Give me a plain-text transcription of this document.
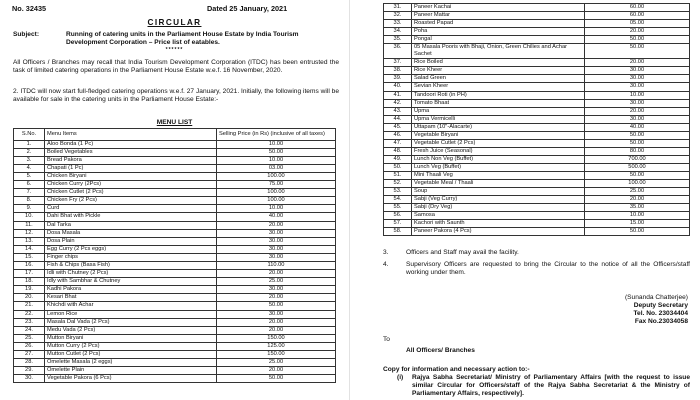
No. 32435	Dated 25 January, 2021
CIRCULAR
Subject:	Running of catering units in the Parliament House Estate by India Tourism Development Corporation – Price list of eatables.
******
All Officers / Branches may recall that India Tourism Development Corporation (ITDC) has been entrusted the task of limited catering operations in the Parliament House Estate w.e.f. 16 November, 2020.
2. ITDC will now start full-fledged catering operations w.e.f. 27 January, 2021. Initially, the following items will be available for sale in the catering units in the Parliament House Estate:-
MENU LIST
S.No.	Menu Items	Selling Price (in Rs) (inclusive of all taxes)
1.	Aloo Bonda (1 Pc)	10.00
2.	Boiled Vegetables	50.00
3.	Bread Pakora	10.00
4.	Chapati (1 Pc)	03.00
5.	Chicken Biryani	100.00
6.	Chicken Curry (2Pcs)	75.00
7.	Chicken Cutlet (2 Pcs)	100.00
8.	Chicken Fry (2 Pcs)	100.00
9.	Curd	10.00
10.	Dahi Bhat with Pickle	40.00
11.	Dal Tarka	20.00
12.	Dosa Masala	30.00
13.	Dosa Plain	30.00
14.	Egg Curry (2 Pcs eggs)	30.00
15.	Finger chips	30.00
16.	Fish & Chips (Basa Fish)	110.00
17.	Idli with Chutney (2 Pcs)	20.00
18.	Idly with Sambhar & Chutney	25.00
19.	Kadhi Pakora	30.00
20.	Kesari Bhat	20.00
21.	Khichdi with Achar	50.00
22.	Lemon Rice	30.00
23.	Masala Dal Vada (2 Pcs)	20.00
24.	Medu Vada (2 Pcs)	20.00
25.	Mutton Biryani	150.00
26.	Mutton Curry (2 Pcs)	125.00
27.	Mutton Cutlet (2 Pcs)	150.00
28.	Omelette Masala (2 eggs)	25.00
29.	Omelette Plain	20.00
30.	Vegetable Pakora (6 Pcs)	50.00
31.	Paneer Kachai	60.00
32.	Paneer Mattar	60.00
33.	Roasted Papad	05.00
34.	Poha	20.00
35.	Pongal	50.00
36.	05 Masala Pooris with Bhaji, Onion, Green Chilies and Achar Sachet	50.00
37.	Rice Boiled	20.00
38.	Rice Kheer	30.00
39.	Salad Green	30.00
40.	Sevian Kheer	30.00
41.	Tandoori Roti (in PH)	10.00
42.	Tomato Bhaat	30.00
43.	Upma	20.00
44.	Upma Vermicelli	30.00
45.	Uttapam (10"-Alacarte)	40.00
46.	Vegetable Biryani	50.00
47.	Vegetable Cutlet (2 Pcs)	50.00
48.	Fresh Juice (Seasonal)	80.00
49.	Lunch Non Veg (Buffet)	700.00
50.	Lunch Veg (Buffet)	500.00
51.	Mini Thaali Veg	50.00
52.	Vegetable Meal / Thaali	100.00
53.	Soup	25.00
54.	Sabji (Veg Curry)	20.00
55.	Sabji (Dry Veg)	35.00
56.	Samosa	10.00
57.	Kachori with Saunth	15.00
58.	Paneer Pakora (4 Pcs)	50.00
3.	Officers and Staff may avail the facility.
4.	Supervisory Officers are requested to bring the Circular to the notice of all the Officers/staff working under them.
(Sunanda Chatterjee)
Deputy Secretary
Tel. No. 23034404
Fax No.23034058
To
All Officers/ Branches
Copy for information and necessary action to:-
(i) Rajya Sabha Secretariat/ Ministry of Parliamentary Affairs [with the request to issue similar Circular for Officers/staff of the Rajya Sabha Secretariat & the Ministry of Parliamentary Affairs, respectively].
